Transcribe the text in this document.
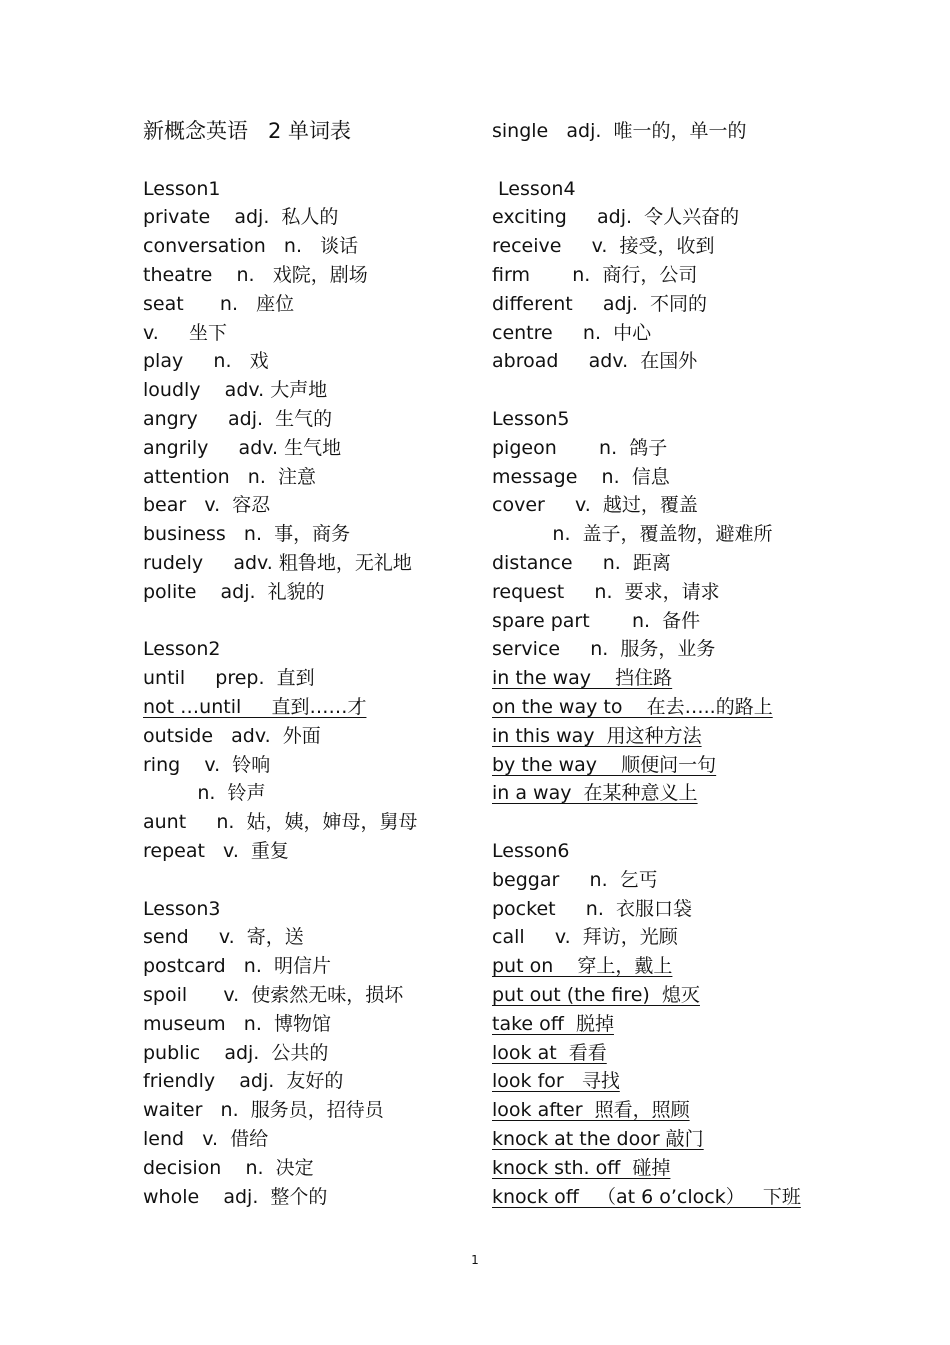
新概念英语   2 单词表
Lesson1
private    adj.  私人的
conversation   n.   谈话
theatre    n.   戏院，剧场
seat      n.   座位
v.     坐下
play     n.   戏
loudly    adv. 大声地
angry     adj.  生气的
angrily     adv. 生气地
attention   n.  注意
bear   v.  容忍
business   n.  事，商务
rudely     adv. 粗鲁地，无礼地
polite    adj.  礼貌的
Lesson2
until     prep.  直到
not …until     直到……才
outside   adv.  外面
ring    v.  铃响
n.  铃声
aunt     n.  姑，姨，婶母，舅母
repeat   v.  重复
Lesson3
send     v.  寄，送
postcard   n.  明信片
spoil      v.  使索然无味，损坏
museum   n.  博物馆
public    adj.  公共的
friendly    adj.  友好的
waiter   n.  服务员，招待员
lend   v.  借给
decision    n.  决定
whole    adj.  整个的
single   adj.  唯一的，单一的
Lesson4
exciting     adj.  令人兴奋的
receive     v.  接受，收到
firm       n.  商行，公司
different     adj.  不同的
centre     n.  中心
abroad     adv.  在国外
Lesson5
pigeon       n.  鸽子
message    n.  信息
cover     v.  越过，覆盖
n.  盖子，覆盖物，避难所
distance     n.  距离
request     n.  要求，请求
spare part       n.  备件
service     n.  服务，业务
in the way    挡住路
on the way to    在去…..的路上
in this way  用这种方法
by the way    顺便问一句
in a way  在某种意义上
Lesson6
beggar     n.  乞丐
pocket     n.  衣服口袋
call     v.  拜访，光顾
put on    穿上，戴上
put out (the fire)  熄灭
take off  脱掉
look at  看看
look for   寻找
look after  照看，照顾
knock at the door 敲门
knock sth. off  碰掉
knock off   （at 6 o’clock）   下班
1
